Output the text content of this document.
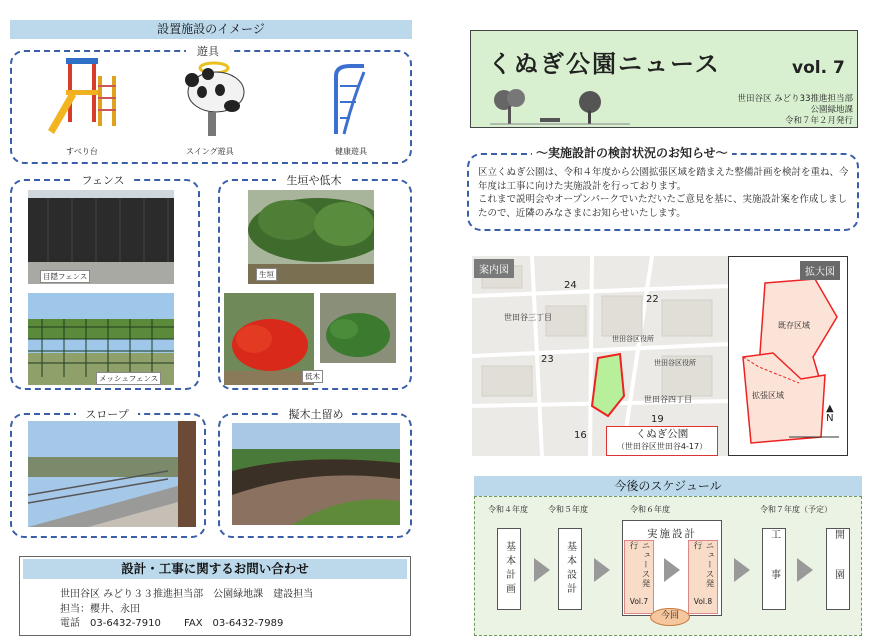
設置施設のイメージ
遊具
すべり台	スイング遊具	健康遊具
フェンス
目隠フェンス
メッシュフェンス
生垣や低木
生垣
低木
スロープ	擬木土留め
設計・工事に関するお問い合わせ
世田谷区 みどり３３推進担当部　公園緑地課　建設担当
担当：櫻井、永田
電話　03-6432-7910　　 FAX　03-6432-7989
くぬぎ公園ニュース	vol. 7
世田谷区 みどり33推進担当部
公園緑地課
令和７年２月発行
～実施設計の検討状況のお知らせ～
区立くぬぎ公園は、令和４年度から公園拡張区域を踏まえた整備計画を検討を重ね、今年度は工事に向けた実施設計を行っております。
これまで説明会やオープンパークでいただいたご意見を基に、実施設計案を作成しましたので、近隣のみなさまにお知らせいたします。
案内図
24
22
23
16
19
世田谷三丁目
世田谷四丁目
世田谷区役所
世田谷区役所
くぬぎ公園
（世田谷区世田谷4-17）
拡大図
既存区域
拡張区域
▲
N
今後のスケジュール
令和４年度	令和５年度	令和６年度	令和７年度（予定）
基本計画	基本設計
実施設計
ニュース発行
Vol.7
ニュース発行
Vol.8
今回
工事	開園
